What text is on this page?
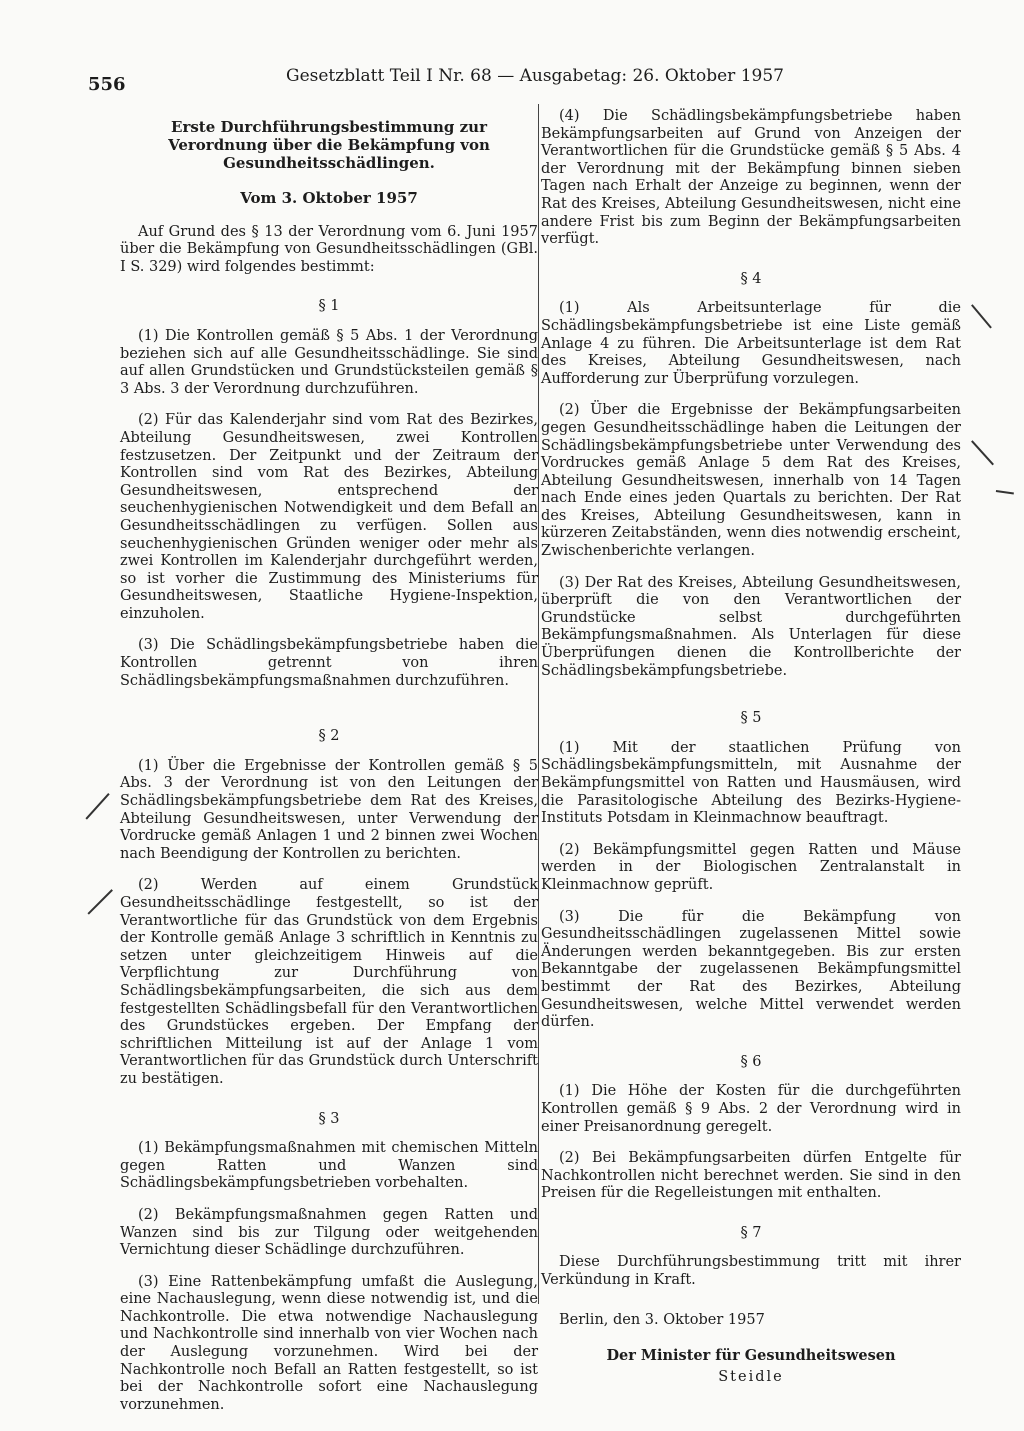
556	Gesetzblatt Teil I Nr. 68 — Ausgabetag: 26. Oktober 1957
Erste Durchführungsbestimmung zur Verordnung über die Bekämpfung von Gesundheitsschädlingen.
Vom 3. Oktober 1957

Auf Grund des § 13 der Verordnung vom 6. Juni 1957 über die Bekämpfung von Gesundheitsschädlingen (GBl. I S. 329) wird folgendes bestimmt:

§ 1

(1) Die Kontrollen gemäß § 5 Abs. 1 der Verordnung beziehen sich auf alle Gesundheitsschädlinge. Sie sind auf allen Grundstücken und Grundstücksteilen gemäß § 3 Abs. 3 der Verordnung durchzuführen.

(2) Für das Kalenderjahr sind vom Rat des Bezirkes, Abteilung Gesundheitswesen, zwei Kontrollen festzusetzen. Der Zeitpunkt und der Zeitraum der Kontrollen sind vom Rat des Bezirkes, Abteilung Gesundheitswesen, entsprechend der seuchenhygienischen Notwendigkeit und dem Befall an Gesundheitsschädlingen zu verfügen. Sollen aus seuchenhygienischen Gründen weniger oder mehr als zwei Kontrollen im Kalenderjahr durchgeführt werden, so ist vorher die Zustimmung des Ministeriums für Gesundheitswesen, Staatliche Hygiene-Inspektion, einzuholen.

(3) Die Schädlingsbekämpfungsbetriebe haben die Kontrollen getrennt von ihren Schädlingsbekämpfungsmaßnahmen durchzuführen.

§ 2

(1) Über die Ergebnisse der Kontrollen gemäß § 5 Abs. 3 der Verordnung ist von den Leitungen der Schädlingsbekämpfungsbetriebe dem Rat des Kreises, Abteilung Gesundheitswesen, unter Verwendung der Vordrucke gemäß Anlagen 1 und 2 binnen zwei Wochen nach Beendigung der Kontrollen zu berichten.

(2) Werden auf einem Grundstück Gesundheitsschädlinge festgestellt, so ist der Verantwortliche für das Grundstück von dem Ergebnis der Kontrolle gemäß Anlage 3 schriftlich in Kenntnis zu setzen unter gleichzeitigem Hinweis auf die Verpflichtung zur Durchführung von Schädlingsbekämpfungsarbeiten, die sich aus dem festgestellten Schädlingsbefall für den Verantwortlichen des Grundstückes ergeben. Der Empfang der schriftlichen Mitteilung ist auf der Anlage 1 vom Verantwortlichen für das Grundstück durch Unterschrift zu bestätigen.

§ 3

(1) Bekämpfungsmaßnahmen mit chemischen Mitteln gegen Ratten und Wanzen sind Schädlingsbekämpfungsbetrieben vorbehalten.

(2) Bekämpfungsmaßnahmen gegen Ratten und Wanzen sind bis zur Tilgung oder weitgehenden Vernichtung dieser Schädlinge durchzuführen.

(3) Eine Rattenbekämpfung umfaßt die Auslegung, eine Nachauslegung, wenn diese notwendig ist, und die Nachkontrolle. Die etwa notwendige Nachauslegung und Nachkontrolle sind innerhalb von vier Wochen nach der Auslegung vorzunehmen. Wird bei der Nachkontrolle noch Befall an Ratten festgestellt, so ist bei der Nachkontrolle sofort eine Nachauslegung vorzunehmen.

(4) Die Schädlingsbekämpfungsbetriebe haben Bekämpfungsarbeiten auf Grund von Anzeigen der Verantwortlichen für die Grundstücke gemäß § 5 Abs. 4 der Verordnung mit der Bekämpfung binnen sieben Tagen nach Erhalt der Anzeige zu beginnen, wenn der Rat des Kreises, Abteilung Gesundheitswesen, nicht eine andere Frist bis zum Beginn der Bekämpfungsarbeiten verfügt.

§ 4

(1) Als Arbeitsunterlage für die Schädlingsbekämpfungsbetriebe ist eine Liste gemäß Anlage 4 zu führen. Die Arbeitsunterlage ist dem Rat des Kreises, Abteilung Gesundheitswesen, nach Aufforderung zur Überprüfung vorzulegen.

(2) Über die Ergebnisse der Bekämpfungsarbeiten gegen Gesundheitsschädlinge haben die Leitungen der Schädlingsbekämpfungsbetriebe unter Verwendung des Vordruckes gemäß Anlage 5 dem Rat des Kreises, Abteilung Gesundheitswesen, innerhalb von 14 Tagen nach Ende eines jeden Quartals zu berichten. Der Rat des Kreises, Abteilung Gesundheitswesen, kann in kürzeren Zeitabständen, wenn dies notwendig erscheint, Zwischenberichte verlangen.

(3) Der Rat des Kreises, Abteilung Gesundheitswesen, überprüft die von den Verantwortlichen der Grundstücke selbst durchgeführten Bekämpfungsmaßnahmen. Als Unterlagen für diese Überprüfungen dienen die Kontrollberichte der Schädlingsbekämpfungsbetriebe.

§ 5

(1) Mit der staatlichen Prüfung von Schädlingsbekämpfungsmitteln, mit Ausnahme der Bekämpfungsmittel von Ratten und Hausmäusen, wird die Parasitologische Abteilung des Bezirks-Hygiene-Instituts Potsdam in Kleinmachnow beauftragt.

(2) Bekämpfungsmittel gegen Ratten und Mäuse werden in der Biologischen Zentralanstalt in Kleinmachnow geprüft.

(3) Die für die Bekämpfung von Gesundheitsschädlingen zugelassenen Mittel sowie Änderungen werden bekanntgegeben. Bis zur ersten Bekanntgabe der zugelassenen Bekämpfungsmittel bestimmt der Rat des Bezirkes, Abteilung Gesundheitswesen, welche Mittel verwendet werden dürfen.

§ 6

(1) Die Höhe der Kosten für die durchgeführten Kontrollen gemäß § 9 Abs. 2 der Verordnung wird in einer Preisanordnung geregelt.

(2) Bei Bekämpfungsarbeiten dürfen Entgelte für Nachkontrollen nicht berechnet werden. Sie sind in den Preisen für die Regelleistungen mit enthalten.

§ 7

Diese Durchführungsbestimmung tritt mit ihrer Verkündung in Kraft.

Berlin, den 3. Oktober 1957

Der Minister für Gesundheitswesen

Steidle
